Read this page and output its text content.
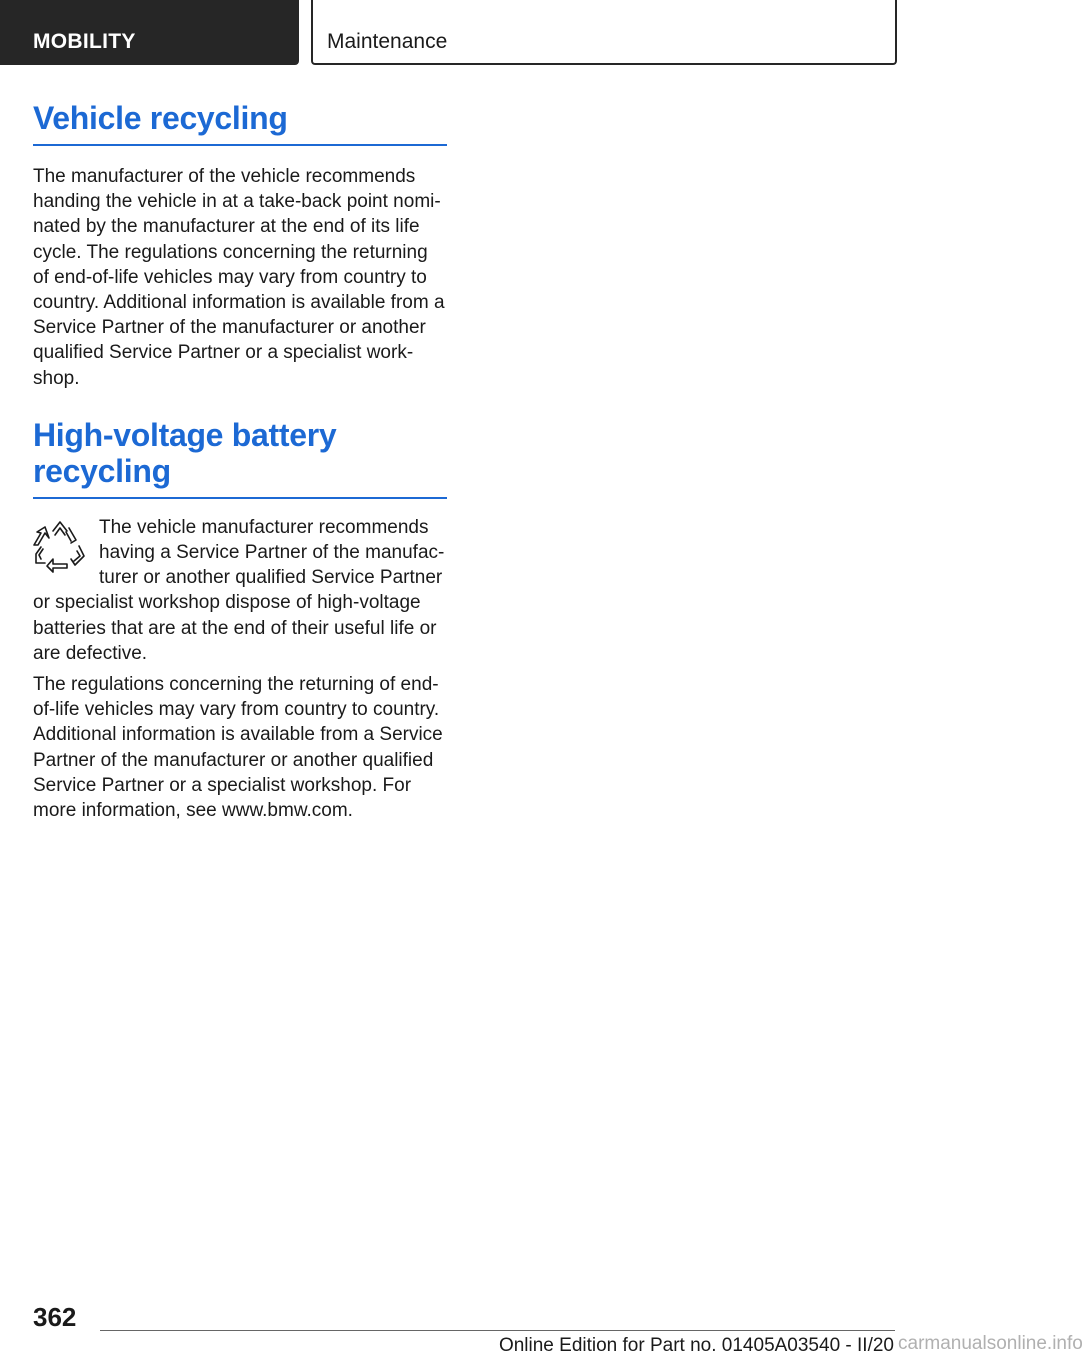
MOBILITY	Maintenance
Vehicle recycling

The manufacturer of the vehicle recommends handing the vehicle in at a take-back point nomi-nated by the manufacturer at the end of its life cycle. The regulations concerning the returning of end-of-life vehicles may vary from country to country. Additional information is available from a Service Partner of the manufacturer or another qualified Service Partner or a specialist work-shop.

High-voltage battery recycling

The vehicle manufacturer recommends having a Service Partner of the manufac-turer or another qualified Service Partner or specialist workshop dispose of high-voltage batteries that are at the end of their useful life or are defective.

The regulations concerning the returning of end-of-life vehicles may vary from country to country. Additional information is available from a Service Partner of the manufacturer or another qualified Service Partner or a specialist workshop. For more information, see www.bmw.com.

362
Online Edition for Part no. 01405A03540 - II/20 carmanualsonline.info
